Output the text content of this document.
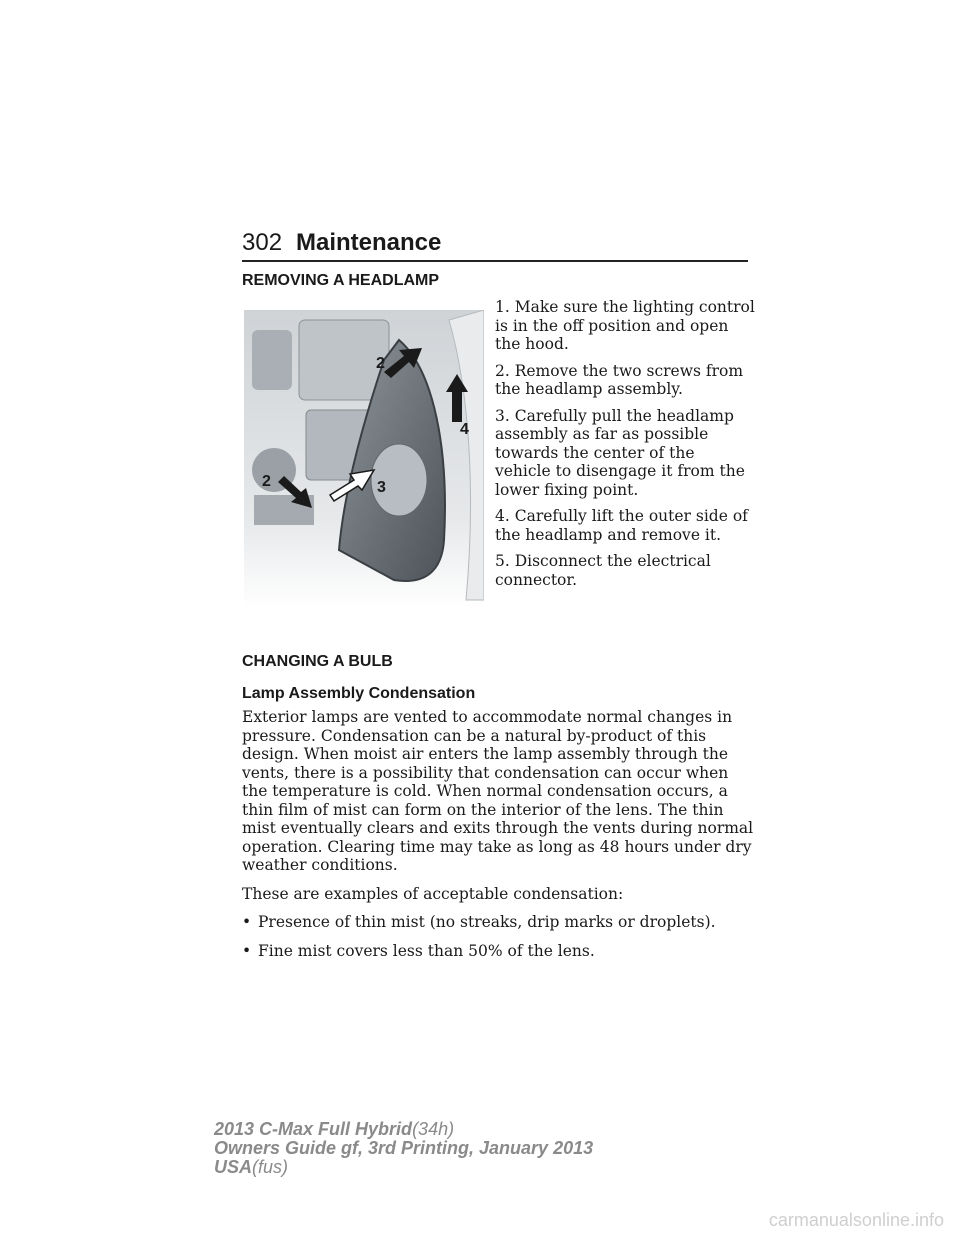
302 Maintenance
REMOVING A HEADLAMP
2
4
2	3

1. Make sure the lighting control is in the off position and open the hood.

2. Remove the two screws from the headlamp assembly.

3. Carefully pull the headlamp assembly as far as possible towards the center of the vehicle to disengage it from the lower fixing point.

4. Carefully lift the outer side of the headlamp and remove it.

5. Disconnect the electrical connector.

CHANGING A BULB
Lamp Assembly Condensation

Exterior lamps are vented to accommodate normal changes in pressure. Condensation can be a natural by-product of this design. When moist air enters the lamp assembly through the vents, there is a possibility that condensation can occur when the temperature is cold. When normal condensation occurs, a thin film of mist can form on the interior of the lens. The thin mist eventually clears and exits through the vents during normal operation. Clearing time may take as long as 48 hours under dry weather conditions.

These are examples of acceptable condensation:

• Presence of thin mist (no streaks, drip marks or droplets).
• Fine mist covers less than 50% of the lens.
2013 C-Max Full Hybrid(34h)
Owners Guide gf, 3rd Printing, January 2013
USA(fus)
carmanualsonline.info
